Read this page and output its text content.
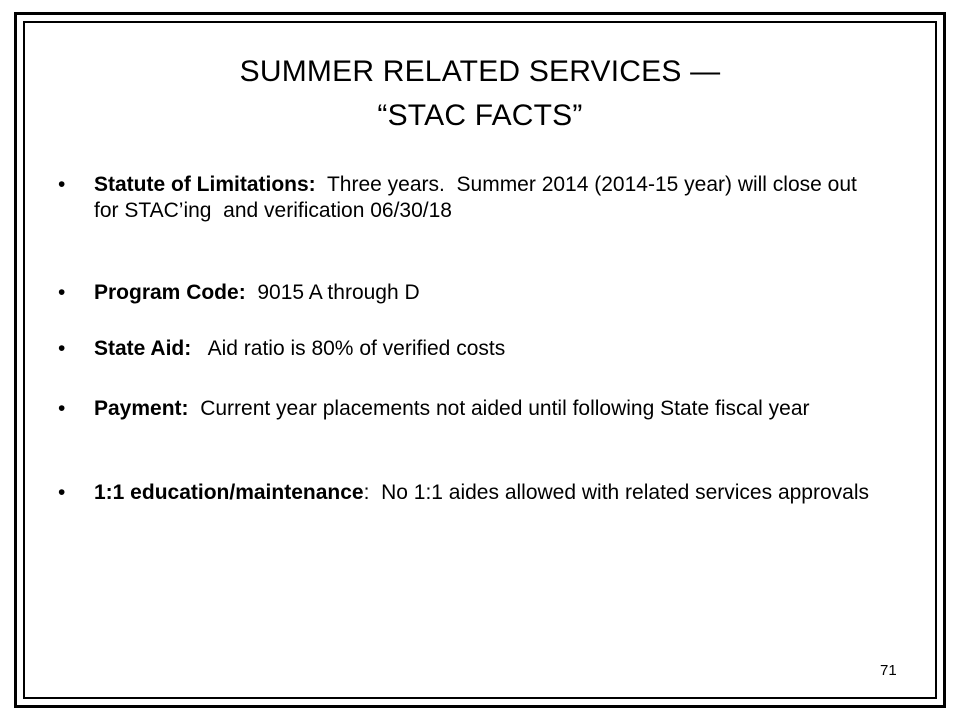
SUMMER RELATED SERVICES —
“STAC FACTS”
•	Statute of Limitations:  Three years.  Summer 2014 (2014-15 year) will close out for STAC’ing  and verification 06/30/18
•	Program Code:  9015 A through D
•	State Aid:   Aid ratio is 80% of verified costs
•	Payment:  Current year placements not aided until following State fiscal year
•	1:1 education/maintenance:  No 1:1 aides allowed with related services approvals
71
